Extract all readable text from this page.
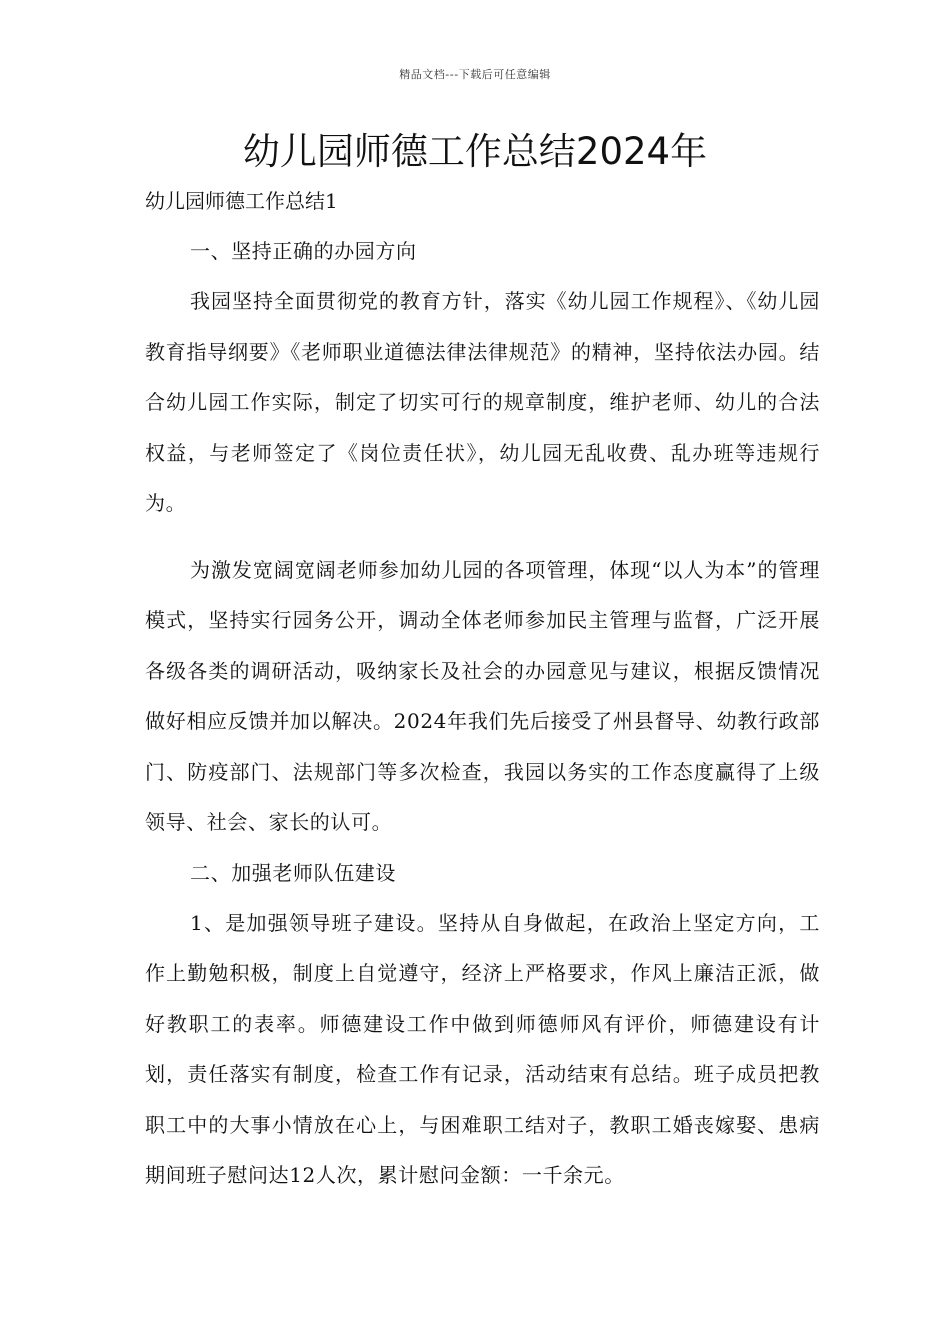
精品文档---下载后可任意编辑
幼儿园师德工作总结2024年
幼儿园师德工作总结1

一、坚持正确的办园方向

我园坚持全面贯彻党的教育方针，落实《幼儿园工作规程》、《幼儿园教育指导纲要》《老师职业道德法律法律规范》的精神，坚持依法办园。结合幼儿园工作实际，制定了切实可行的规章制度，维护老师、幼儿的合法权益，与老师签定了《岗位责任状》，幼儿园无乱收费、乱办班等违规行为。

为激发宽阔宽阔老师参加幼儿园的各项管理，体现“以人为本”的管理模式，坚持实行园务公开，调动全体老师参加民主管理与监督，广泛开展各级各类的调研活动，吸纳家长及社会的办园意见与建议，根据反馈情况做好相应反馈并加以解决。2024年我们先后接受了州县督导、幼教行政部门、防疫部门、法规部门等多次检查，我园以务实的工作态度赢得了上级领导、社会、家长的认可。

二、加强老师队伍建设

1、是加强领导班子建设。坚持从自身做起，在政治上坚定方向，工作上勤勉积极，制度上自觉遵守，经济上严格要求，作风上廉洁正派，做好教职工的表率。师德建设工作中做到师德师风有评价，师德建设有计划，责任落实有制度，检查工作有记录，活动结束有总结。班子成员把教职工中的大事小情放在心上，与困难职工结对子，教职工婚丧嫁娶、患病期间班子慰问达12人次，累计慰问金额：一千余元。
